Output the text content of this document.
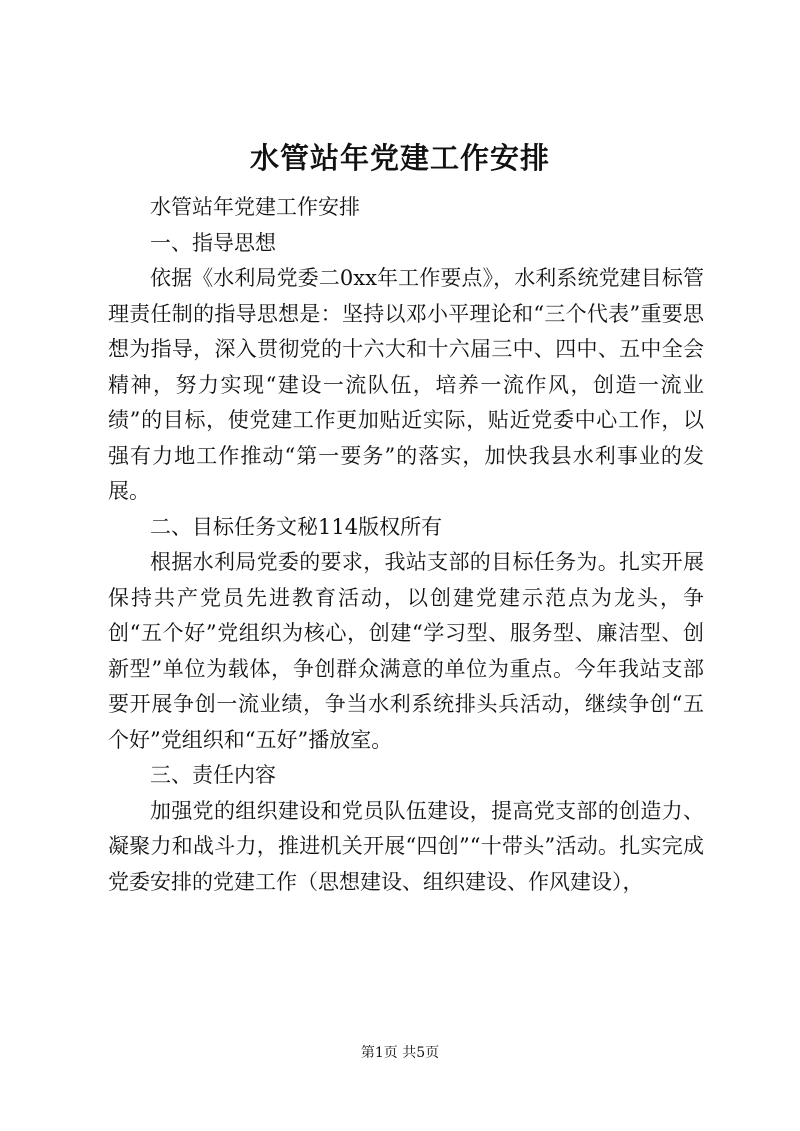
水管站年党建工作安排

水管站年党建工作安排

一、指导思想

依据《水利局党委二0xx年工作要点》，水利系统党建目标管理责任制的指导思想是：坚持以邓小平理论和“三个代表”重要思想为指导，深入贯彻党的十六大和十六届三中、四中、五中全会精神，努力实现“建设一流队伍，培养一流作风，创造一流业绩”的目标，使党建工作更加贴近实际，贴近党委中心工作，以强有力地工作推动“第一要务”的落实，加快我县水利事业的发展。

二、目标任务文秘114版权所有

根据水利局党委的要求，我站支部的目标任务为。扎实开展保持共产党员先进教育活动，以创建党建示范点为龙头，争创“五个好”党组织为核心，创建“学习型、服务型、廉洁型、创新型”单位为载体，争创群众满意的单位为重点。今年我站支部要开展争创一流业绩，争当水利系统排头兵活动，继续争创“五个好”党组织和“五好”播放室。

三、责任内容

加强党的组织建设和党员队伍建设，提高党支部的创造力、凝聚力和战斗力，推进机关开展“四创”“十带头”活动。扎实完成党委安排的党建工作（思想建设、组织建设、作风建设），

第1页 共5页
